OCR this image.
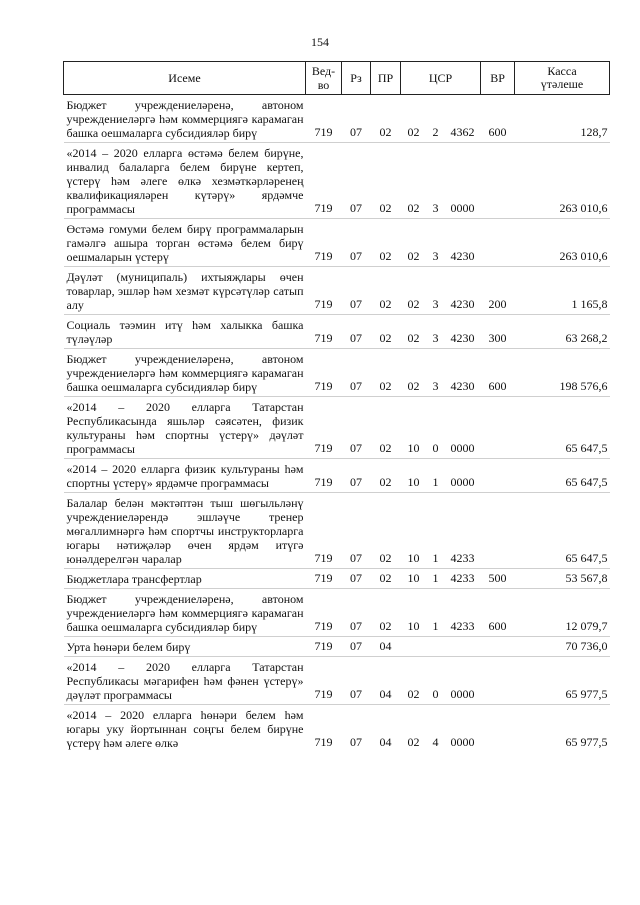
154
Исеме	Вед-во	Рз	ПР	ЦСР			ВР	Касса
үтәлеше

Бюджет учреждениеләренә, автоном учреждениеләргә һәм коммерциягә карамаган башка оешмаларга субсидияләр бирү	719	07	02	02	2	4362	600	128,7
«2014 – 2020 елларга өстәмә белем бирүне, инвалид балаларга белем бирүне кертеп, үстерү һәм әлеге өлкә хезмәткәрләренең квалификацияләрен күтәрү» ярдәмче программасы	719	07	02	02	3	0000		263 010,6
Өстәмә гомуми белем бирү программаларын гамәлгә ашыра торган өстәмә белем бирү оешмаларын үстерү	719	07	02	02	3	4230		263 010,6
Дәүләт (муниципаль) ихтыяҗлары өчен товарлар, эшләр һәм хезмәт күрсәтүләр сатып алу	719	07	02	02	3	4230	200	1 165,8
Социаль тәэмин итү һәм халыкка башка түләүләр	719	07	02	02	3	4230	300	63 268,2
Бюджет учреждениеләренә, автоном учреждениеләргә һәм коммерциягә карамаган башка оешмаларга субсидияләр бирү	719	07	02	02	3	4230	600	198 576,6
«2014 – 2020 елларга Татарстан Республикасында яшьләр сәясәтен, физик культураны һәм спортны үстерү» дәүләт программасы	719	07	02	10	0	0000		65 647,5
«2014 – 2020 елларга физик культураны һәм спортны үстерү» ярдәмче программасы	719	07	02	10	1	0000		65 647,5
Балалар белән мәктәптән тыш шөгыльләнү учреждениеләрендә эшләүче тренер мөгаллимнәргә һәм спортчы инструкторларга югары нәтиҗәләр өчен ярдәм итүгә юнәлдерелгән чаралар	719	07	02	10	1	4233		65 647,5
Бюджетлара трансфертлар	719	07	02	10	1	4233	500	53 567,8
Бюджет учреждениеләренә, автоном учреждениеләргә һәм коммерциягә карамаган башка оешмаларга субсидияләр бирү	719	07	02	10	1	4233	600	12 079,7
Урта һөнәри белем бирү	719	07	04					70 736,0
«2014 – 2020 елларга Татарстан Республикасы мәгарифен һәм фәнен үстерү» дәүләт программасы	719	07	04	02	0	0000		65 977,5
«2014 – 2020 елларга һөнәри белем һәм югары уку йортыннан соңгы белем бирүне үстерү һәм әлеге өлкә	719	07	04	02	4	0000		65 977,5
